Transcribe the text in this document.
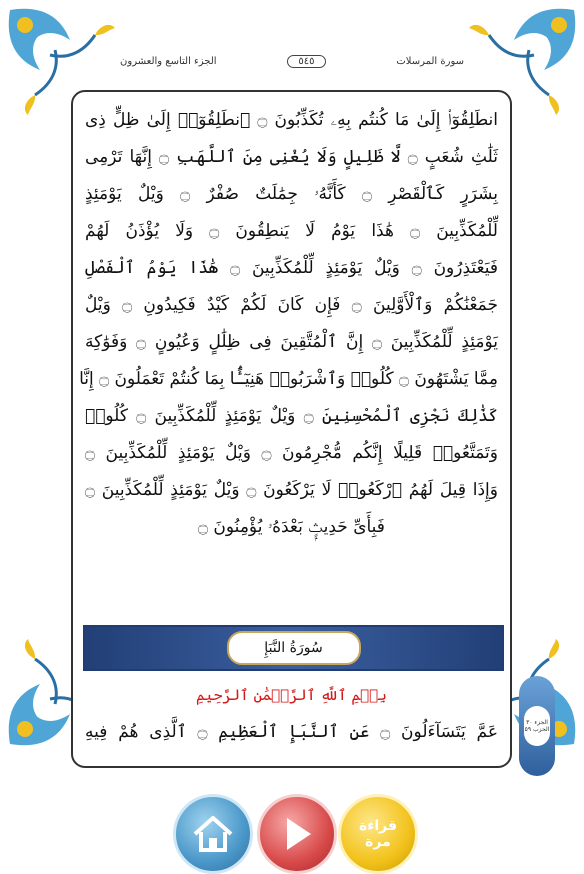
سورة المرسلات
٥٤٥
الجزء التاسع والعشرون
انطَلِقُوٓا۟ إِلَىٰ مَا كُنتُم بِهِۦ تُكَذِّبُونَ ۝ ٱنطَلِقُوٓا۟ إِلَىٰ ظِلٍّ ذِى
ثَلَٰثِ شُعَبٍ ۝ لَّا ظَلِيلٍ وَلَا يُغْنِى مِنَ ٱللَّهَبِ ۝ إِنَّهَا تَرْمِى
بِشَرَرٍ كَٱلْقَصْرِ ۝ كَأَنَّهُۥ جِمَٰلَتٌ صُفْرٌ ۝ وَيْلٌ يَوْمَئِذٍ
لِّلْمُكَذِّبِينَ ۝ هَٰذَا يَوْمُ لَا يَنطِقُونَ ۝ وَلَا يُؤْذَنُ لَهُمْ
فَيَعْتَذِرُونَ ۝ وَيْلٌ يَوْمَئِذٍ لِّلْمُكَذِّبِينَ ۝ هَٰذَا يَوْمُ ٱلْفَصْلِ
جَمَعْنَٰكُمْ وَٱلْأَوَّلِينَ ۝ فَإِن كَانَ لَكُمْ كَيْدٌ فَكِيدُونِ ۝ وَيْلٌ
يَوْمَئِذٍ لِّلْمُكَذِّبِينَ ۝ إِنَّ ٱلْمُتَّقِينَ فِى ظِلَٰلٍ وَعُيُونٍ ۝ وَفَوَٰكِهَ
مِمَّا يَشْتَهُونَ ۝ كُلُوا۟ وَٱشْرَبُوا۟ هَنِيٓـًٔۢا بِمَا كُنتُمْ تَعْمَلُونَ ۝ إِنَّا
كَذَٰلِكَ نَجْزِى ٱلْمُحْسِنِينَ ۝ وَيْلٌ يَوْمَئِذٍ لِّلْمُكَذِّبِينَ ۝ كُلُوا۟
وَتَمَتَّعُوا۟ قَلِيلًا إِنَّكُم مُّجْرِمُونَ ۝ وَيْلٌ يَوْمَئِذٍ لِّلْمُكَذِّبِينَ ۝
وَإِذَا قِيلَ لَهُمُ ٱرْكَعُوا۟ لَا يَرْكَعُونَ ۝ وَيْلٌ يَوْمَئِذٍ لِّلْمُكَذِّبِينَ ۝
فَبِأَىِّ حَدِيثٍۭ بَعْدَهُۥ يُؤْمِنُونَ ۝
سُورَةُ النَّبَإِ
بِسۡمِ ٱللَّهِ ٱلرَّحۡمَٰنِ ٱلرَّحِيمِ
عَمَّ يَتَسَآءَلُونَ ۝ عَنِ ٱلنَّبَإِ ٱلْعَظِيمِ ۝ ٱلَّذِى هُمْ فِيهِ	الجزء ٣٠
الحزب ٥٩
قراءة
مرة
